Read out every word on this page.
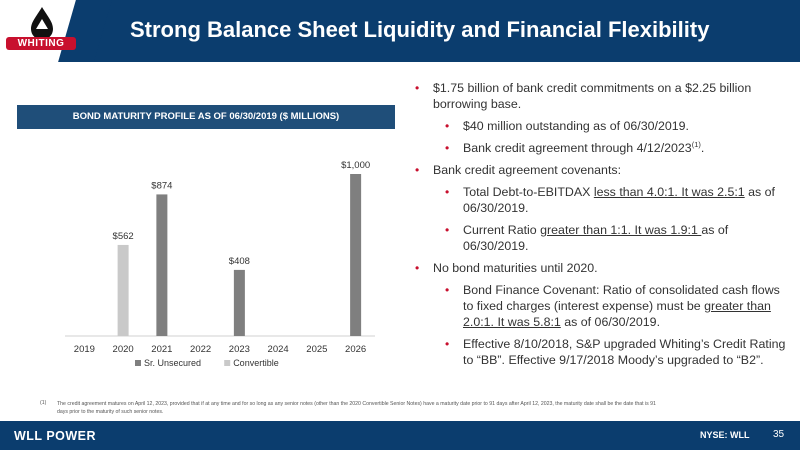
WHITING
Strong Balance Sheet Liquidity and Financial Flexibility
BOND MATURITY PROFILE AS OF 06/30/2019 ($ MILLIONS)
2019 2020
$562
2021
$874
2022 2023
$408
2024 2025 2026
$1,000
Sr. Unsecured	Convertible
• $1.75 billion of bank credit commitments on a $2.25 billion borrowing base.
• $40 million outstanding as of 06/30/2019.
• Bank credit agreement through 4/12/2023$^{(1)}$.
• Bank credit agreement covenants:
• Total Debt-to-EBITDAX less than 4.0:1. It was 2.5:1 as of 06/30/2019.
• Current Ratio greater than 1:1. It was 1.9:1 as of 06/30/2019.
• No bond maturities until 2020.
• Bond Finance Covenant: Ratio of consolidated cash flows to fixed charges (interest expense) must be greater than 2.0:1. It was 5.8:1 as of 06/30/2019.
• Effective 8/10/2018, S&P upgraded Whiting’s Credit Rating to “BB”. Effective 9/17/2018 Moody’s upgraded to “B2”.
(1) The credit agreement matures on April 12, 2023, provided that if at any time and for so long as any senior notes (other than the 2020 Convertible Senior Notes) have a maturity date prior to 91 days after April 12, 2023, the maturity date shall be the date that is 91 days prior to the maturity of such senior notes.
WLL POWER	NYSE: WLL 35
